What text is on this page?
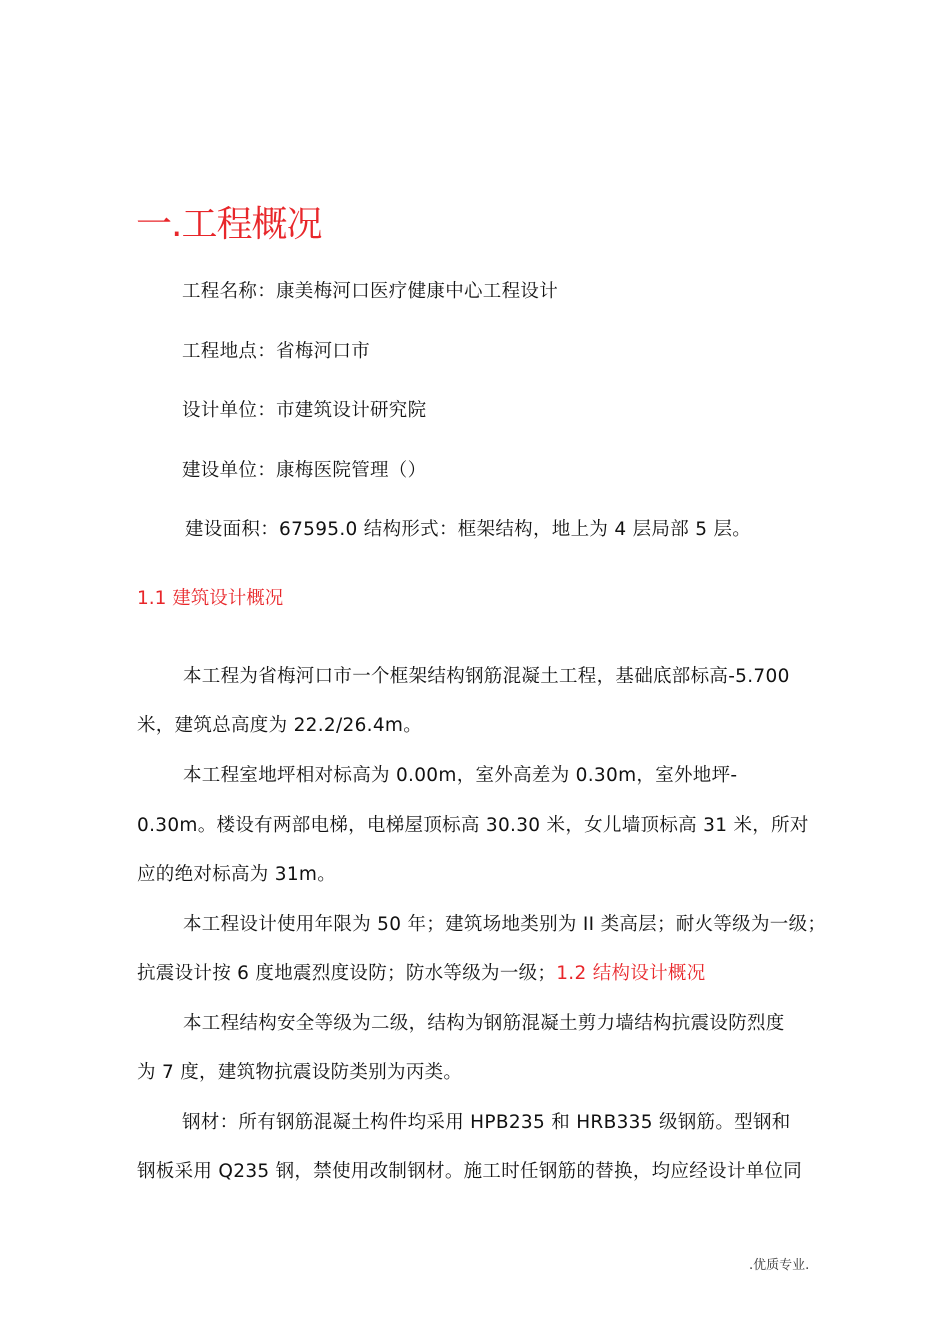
一.工程概况
工程名称：康美梅河口医疗健康中心工程设计
工程地点：省梅河口市
设计单位：市建筑设计研究院
建设单位：康梅医院管理（）
建设面积：67595.0 结构形式：框架结构，地上为 4 层局部 5 层。
1.1 建筑设计概况
本工程为省梅河口市一个框架结构钢筋混凝土工程，基础底部标高-5.700
米，建筑总高度为 22.2/26.4m。
本工程室地坪相对标高为 0.00m，室外高差为 0.30m，室外地坪-
0.30m。楼设有两部电梯，电梯屋顶标高 30.30 米，女儿墙顶标高 31 米，所对
应的绝对标高为 31m。
本工程设计使用年限为 50 年；建筑场地类别为 II 类高层；耐火等级为一级；
抗震设计按 6 度地震烈度设防；防水等级为一级；1.2 结构设计概况
本工程结构安全等级为二级，结构为钢筋混凝土剪力墙结构抗震设防烈度
为 7 度，建筑物抗震设防类别为丙类。
钢材：所有钢筋混凝土构件均采用 HPB235 和 HRB335 级钢筋。型钢和
钢板采用 Q235 钢，禁使用改制钢材。施工时任钢筋的替换，均应经设计单位同
.优质专业.
